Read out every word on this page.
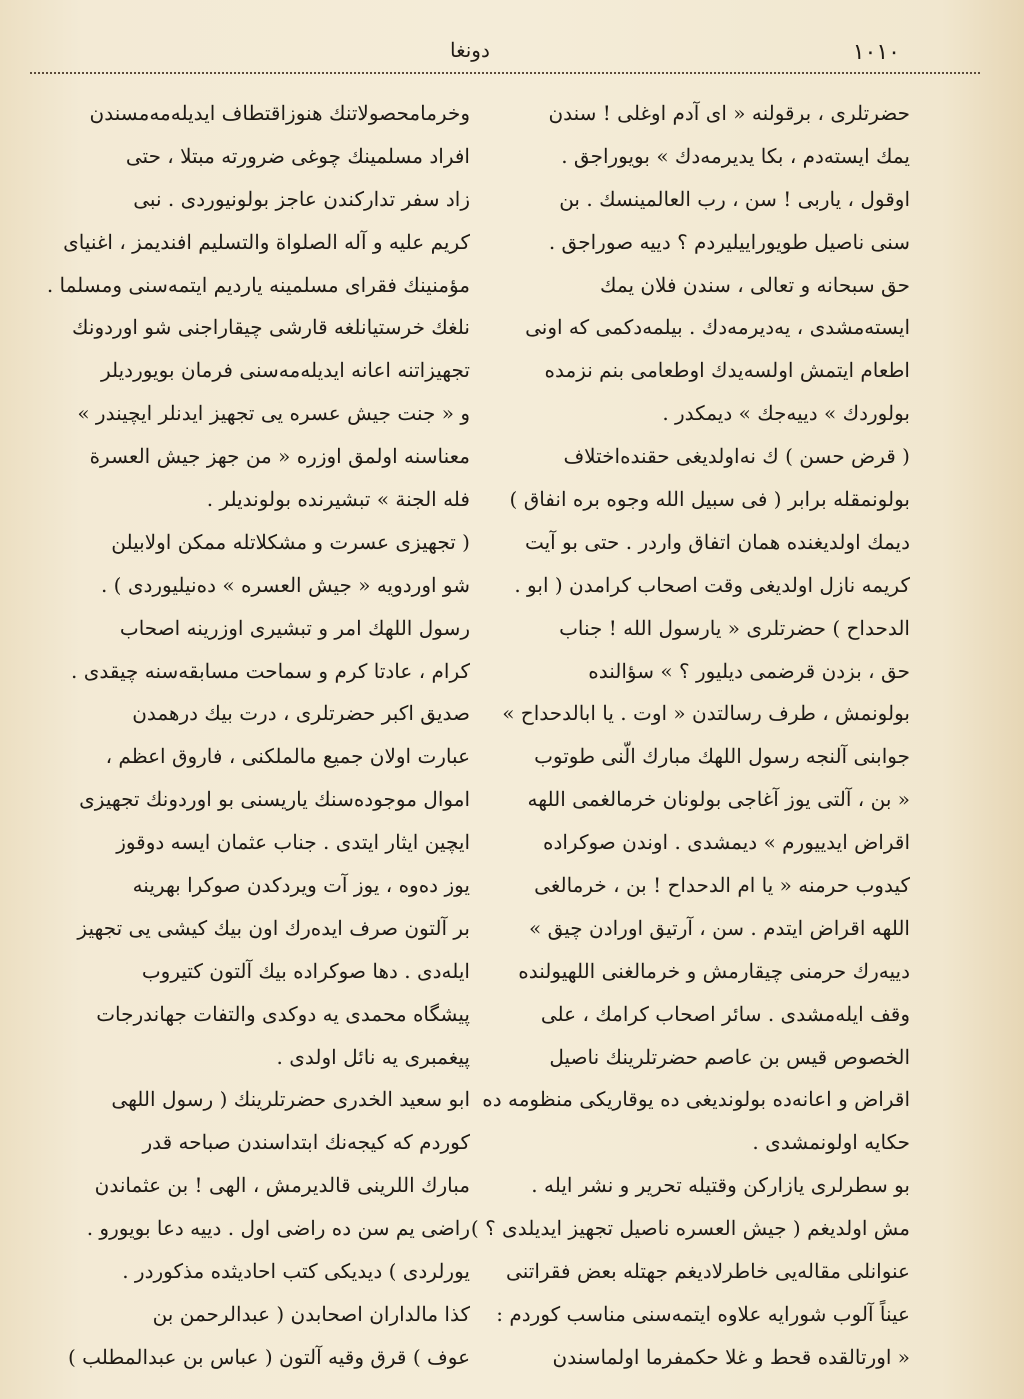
۱۰۱۰
دونغا
حضرتلری ، برقولنه « ای آدم اوغلی ! سندن
یمك ایستەدم ، بکا یدیرمەدك » بویوراجق .
اوقول ، یاربی ! سن ، رب العالمینسك . بن
سنی ناصیل طویوراییلیردم ؟ دییه صوراجق .
حق سبحانه و تعالی ، سندن فلان یمك
ایستەمشدی ، یەدیرمەدك . بیلمەدکمی که اونی
اطعام ایتمش اولسەیدك اوطعامی بنم نزمده
بولوردك » دییەجك » دیمکدر .
( قرض حسن ) ك نەاولدیغی حقندەاختلاف
بولونمقله برابر ( فی سبیل الله وجوه برە انفاق )
دیمك اولدیغنده همان اتفاق واردر . حتی بو آیت
کریمه نازل اولدیغی وقت اصحاب کرامدن ( ابو .
الدحداح ) حضرتلری « یارسول الله ! جناب
حق ، بزدن قرضمی دیلیور ؟ » سؤالنده
بولونمش ، طرف رسالتدن « اوت . یا ابالدحداح »
جوابنی آلنجه رسول اللهك مبارك الّنی طوتوب
« بن ، آلتی یوز آغاجی بولونان خرمالغمی اللهه
اقراض ایدییورم » دیمشدی . اوندن صوکراده
کیدوب حرمنه « یا ام الدحداح ! بن ، خرمالغی
اللهه اقراض ایتدم . سن ، آرتیق اورادن چیق »
دییەرك حرمنی چیقارمش و خرمالغنی اللهیولنده
وقف ایلەمشدی . سائر اصحاب کرامك ، علی
الخصوص قیس بن عاصم حضرتلرینك ناصیل
اقراض و اعانەده بولوندیغی ده یوقاریکی منظومه ده
حکایه اولونمشدی .
بو سطرلری یازارکن وقتیله تحریر و نشر ایله .
مش اولدیغم ( جیش العسره ناصیل تجهیز ایدیلدی ؟ )
عنوانلی مقالەیی خاطرلادیغم جهتله بعض فقراتنی
عیناً آلوب شورایه علاوه ایتمەسنی مناسب کوردم :
« اورتالقده قحط و غلا حکمفرما اولماسندن
وخرمامحصولاتنك هنوزاقتطاف ایدیلەمەمسندن
افراد مسلمینك چوغی ضرورته مبتلا ، حتی
زاد سفر تدارکندن عاجز بولونیوردی . نبی
کریم علیه و آله الصلواة والتسلیم افندیمز ، اغنیای
مؤمنینك فقرای مسلمینه یاردیم ایتمەسنی ومسلما .
نلغك خرستیانلغه قارشی چیقاراجنی شو اوردونك
تجهیزاتنه اعانه ایدیلەمەسنی فرمان بویوردیلر
و « جنت جیش عسره یی تجهیز ایدنلر ایچیندر »
معناسنه اولمق اوزره « من جهز جیش العسرة
فله الجنة » تبشیرنده بولوندیلر .
( تجهیزی عسرت و مشکلاتله ممکن اولابیلن
شو اوردویه « جیش العسره » دەنیلیوردی ) .
رسول اللهك امر و تبشیری اوزرینه اصحاب
کرام ، عادتا کرم و سماحت مسابقەسنه چیقدی .
صدیق اکبر حضرتلری ، درت بیك درهمدن
عبارت اولان جمیع مالملکنی ، فاروق اعظم ،
اموال موجودەسنك یاریسنی بو اوردونك تجهیزی
ایچین ایثار ایتدی . جناب عثمان ایسه دوقوز
یوز دەوه ، یوز آت ویردکدن صوکرا بهرینه
بر آلتون صرف ایدەرك اون بیك کیشی یی تجهیز
ایلەدی . دها صوکراده بیك آلتون کتیروب
پیشگاه محمدی یه دوکدی والتفات جهاندرجات
پیغمبری یه نائل اولدی .
ابو سعید الخدری حضرتلرینك ( رسول اللهی
کوردم که کیجەنك ابتداسندن صباحه قدر
مبارك اللرینی قالدیرمش ، الهی ! بن عثماندن
راضی یم سن ده راضی اول . دییه دعا بویورو .
یورلردی ) دیدیکی کتب احادیثده مذکوردر .
کذا مالداران اصحابدن ( عبدالرحمن بن
عوف ) قرق وقیه آلتون ( عباس بن عبدالمطلب )
